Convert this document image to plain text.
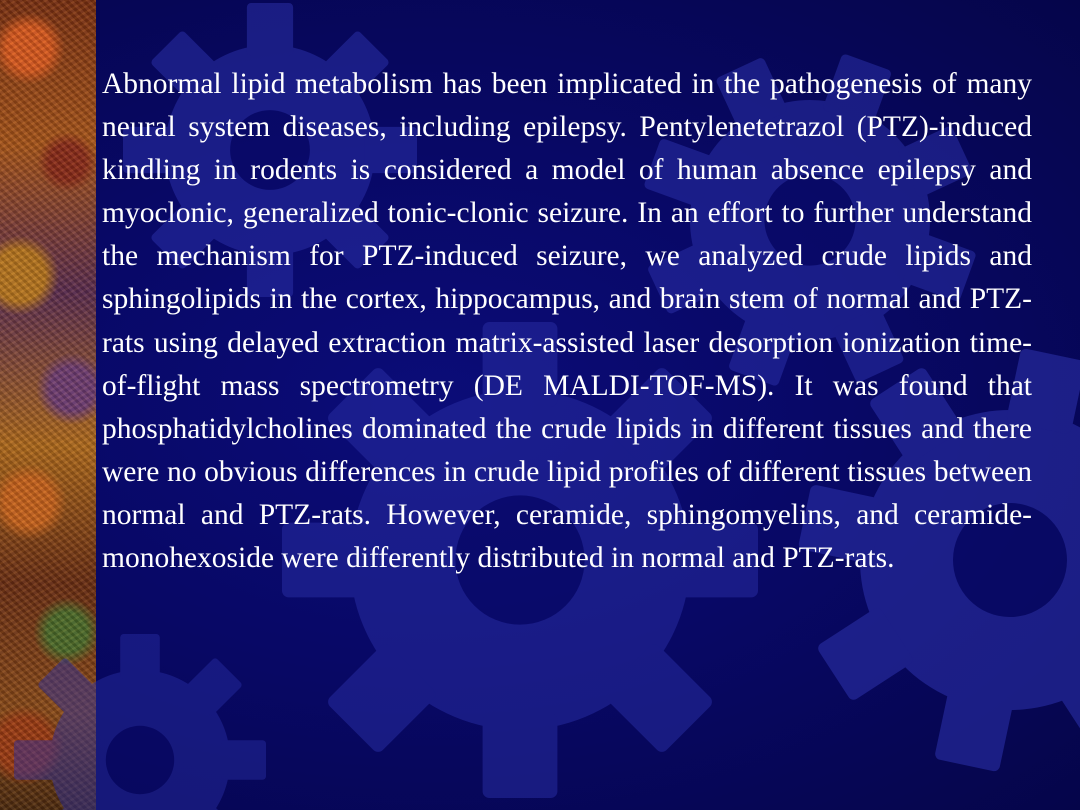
Abnormal lipid metabolism has been implicated in the pathogenesis of many neural system diseases, including epilepsy. Pentylenetetrazol (PTZ)-induced kindling in rodents is considered a model of human absence epilepsy and myoclonic, generalized tonic-clonic seizure. In an effort to further understand the mechanism for PTZ-induced seizure, we analyzed crude lipids and sphingolipids in the cortex, hippocampus, and brain stem of normal and PTZ-rats using delayed extraction matrix-assisted laser desorption ionization time-of-flight mass spectrometry (DE MALDI-TOF-MS). It was found that phosphatidylcholines dominated the crude lipids in different tissues and there were no obvious differences in crude lipid profiles of different tissues between normal and PTZ-rats. However, ceramide, sphingomyelins, and ceramide-monohexoside were differently distributed in normal and PTZ-rats.
